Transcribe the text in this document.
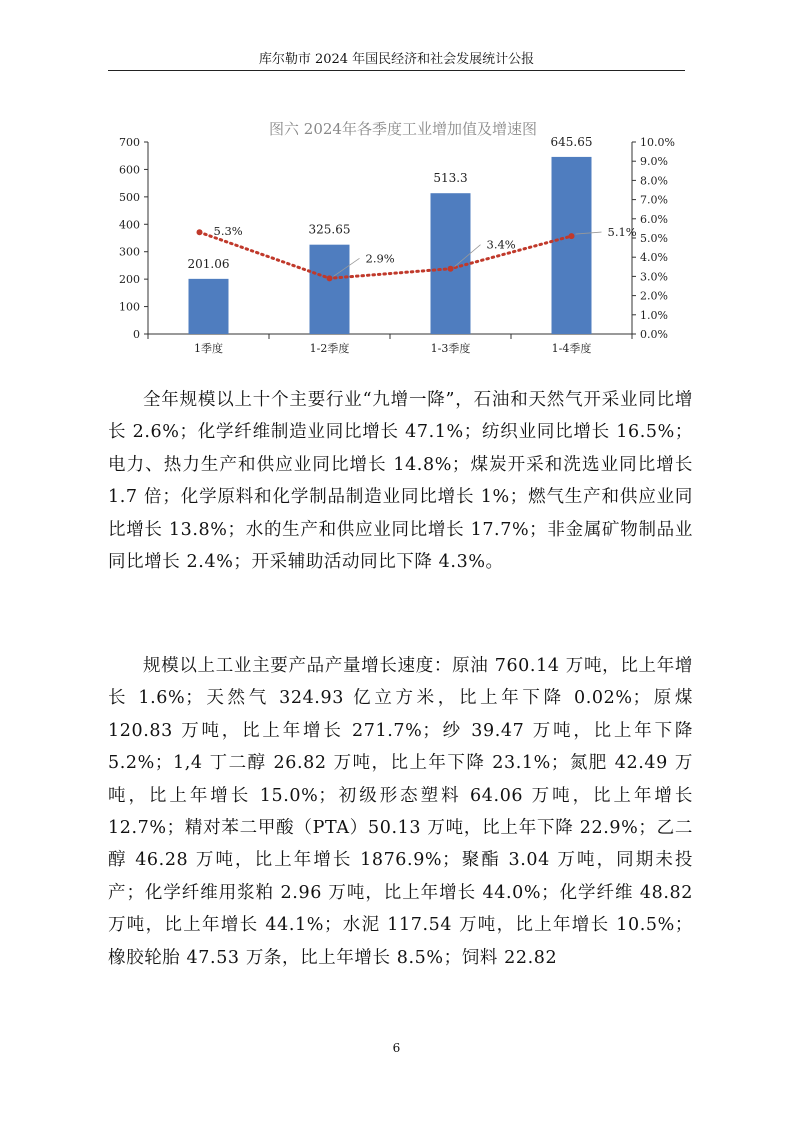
库尔勒市 2024 年国民经济和社会发展统计公报
图六 2024年各季度工业增加值及增速图
0
100
200
300
400
500
600
700
0.0%
1.0%
2.0%
3.0%
4.0%
5.0%
6.0%
7.0%
8.0%
9.0%
10.0%
1季度	1-2季度	1-3季度	1-4季度
201.06
325.65
513.3
645.65
5.3%
2.9%
3.4%
5.1%

全年规模以上十个主要行业“九增一降”，石油和天然气开采业同比增长 2.6%；化学纤维制造业同比增长 47.1%；纺织业同比增长 16.5%；电力、热力生产和供应业同比增长 14.8%；煤炭开采和洗选业同比增长 1.7 倍；化学原料和化学制品制造业同比增长 1%；燃气生产和供应业同比增长 13.8%；水的生产和供应业同比增长 17.7%；非金属矿物制品业同比增长 2.4%；开采辅助活动同比下降 4.3%。

规模以上工业主要产品产量增长速度：原油 760.14 万吨，比上年增长 1.6%；天然气 324.93 亿立方米，比上年下降 0.02%；原煤 120.83 万吨，比上年增长 271.7%；纱 39.47 万吨，比上年下降 5.2%；1,4 丁二醇 26.82 万吨，比上年下降 23.1%；氮肥 42.49 万吨，比上年增长 15.0%；初级形态塑料 64.06 万吨，比上年增长 12.7%；精对苯二甲酸（PTA）50.13 万吨，比上年下降 22.9%；乙二醇 46.28 万吨，比上年增长 1876.9%；聚酯 3.04 万吨，同期未投产；化学纤维用浆粕 2.96 万吨，比上年增长 44.0%；化学纤维 48.82 万吨，比上年增长 44.1%；水泥 117.54 万吨，比上年增长 10.5%；橡胶轮胎 47.53 万条，比上年增长 8.5%；饲料 22.82

6
